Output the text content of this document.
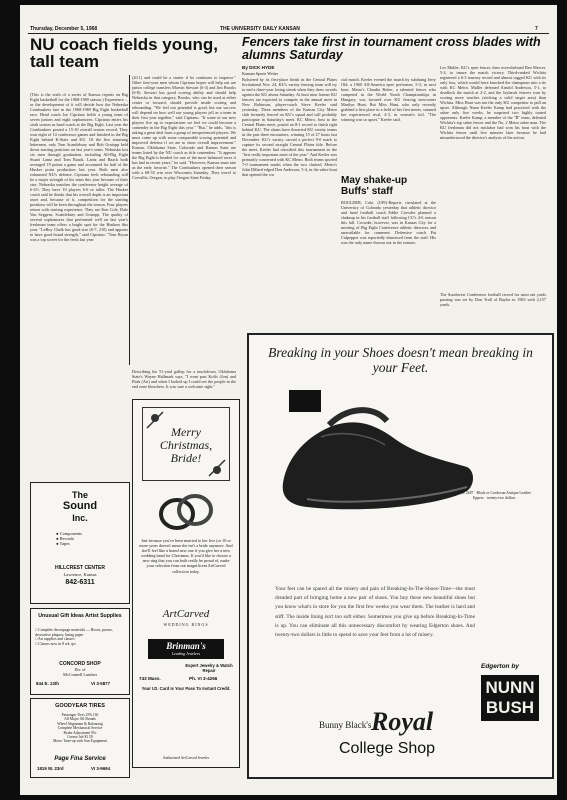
Thursday, December 5, 1968	THE UNIVERSITY DAILY KANSAN	7
NU coach fields young, tall team
(This is the sixth of a series of Kansas reports on Big Eight basketball for the 1968-1969 season.) Experience ... or the development of it will decide how the Nebraska Cornhuskers fare in the 1968-1969 Big Eight basketball race. Head coach Joe Cipriano fields a young team of seven juniors and eight sophomores. Cipriano enters his sixth season as head coach at the Big Eight. Last year the Cornhuskers posted a 15-10 overall season record. They won eight of 14 conference games and finished in the Big Eight behind K-State and KU. Of the five returning lettermen, only Tom Scantlebury and Bob Gratopp held down starting positions on last year's team. Nebraska lost six men through graduation, including All-Big Eight Stuart Lantz and Tom Baack. Lantz and Baack both averaged 19 points a game and accounted for half of the Husker point production last year. Both men also exhausted NU's defense. Cipriano feels rebounding will be a major strength of his team this year because of their size. Nebraska matches the conference height average of 6-4½. They have 10 players 6-6 or taller. The Husker coach said he thinks that his overall depth is an important asset and, because of it, competition for the starting positions will be keen throughout the season. Four players return with starting experience. They are Ken Cole, Dale Van Seggern, Scantlebury and Gratopp. The quality of several sophomores that performed well on last year's freshman team offers a bright spot for the Huskers this year. "LeRoy Chalk has good size (6-7, 210) and appears to have good board strength," said Cipriano. "Tom Bryan was a top scorer for the fresh last year
(20.1) and could be a starter if he continues to improve." Other first-year men whom Cipriano hopes will help out are junior college transfers Marvin Stewart (6-3) and Jim Brooks (6-8). Stewart has good scoring ability and should help Nebraska in that category. Brooks, who can be used at either center or forward, should provide inside scoring and rebounding. "We feel our potential is good, but our success will depend on how well our young players jell as a team in their first year together," said Cipriano. "If some of our new players live up to expectations we feel we could become a contender in the Big Eight this year." "But," he adds, "this is asking a great deal from a group of inexperienced players. We must come up with some comparable scoring potential and improved defense if we are to show overall improvement." Kansas, Oklahoma State, Colorado and Kansas State are teams listed by the NU coach as title contenders. "It appears the Big Eight is headed for one of the most balanced races it has had in recent years," he said. "However, Kansas must rate as the early favorite." The Cornhuskers opened their season with a 68-55 win over Wisconsin Saturday. They travel to Corvallis, Oregon, to play Oregon State Friday.
Describing his 51-yard gallop for a touchdown, Oklahoma State's Wayne Hallmark says, "I went past Koffs (Jon) and Pitsk (Art) and when I looked up I could see the people in the end zone bleachers. It was sure a welcome sight."
Fencers take first in tournament cross blades with alumns Saturday
By DICK HYDE
Kansan Sports Writer
Bolstered by its first-place finish in the Central Plains Invitational Nov. 24, KU's varsity fencing team will try to end a three-year losing streak when they draw swords against the KU alums Saturday. At least nine former KU fencers are expected to compete in the annual meet in New Robinson, player-coach Steve Keeler said yesterday. Three members of the Kansas City Metro club formerly fenced on KU's squad and will probably participate in Saturday's meet. KC Metro, host to the Central Plains meet, posted an 8-1 record to finish right behind KU. The alums have thwarted KU varsity teams in the past three encounters, winning 15 of 27 bouts last December. KU's varsity carved a perfect 9-0 mark to capture its second straight Central Plains title. Before the meet, Keeler had classified this tournament as the "first really important meet of the year." And Keeler was primarily concerned with KC Metro. Both teams sported 7-0 tournament marks when the two clashed. Metro's John Dillard edged Don Anderson, 5-4, in the sabre bout that opened the cru
cial match. Keeler evened the match by subduing Jerry Old, a 1960 All-America epee performer, 5-3, in next bout. Metro's Claudia Reiter, a talented fencer who competed in the World Youth Championships in Hungary, was favored over KU fencing newcomer Marilyn Hunt. But Miss Hunt, who only recently grabbed a first place in a field of her first meets, stunned her experienced rival, 4-3, in women's foil. "The winning was so upset," Keeler said.
May shake-up Buffs' staff
BOULDER, Colo. (UPI)-Reports circulated at the University of Colorado yesterday that athletic director and head football coach Eddie Crowder planned a shakeup in his football staff following CU's 4-6 season this fall. Crowder, however, was in Kansas City for a meeting of Big Eight Conference athletic directors and unavailable for comment. Defensive coach Pat Culpepper was reportedly dismissed from the staff. His was the only name thrown out in the rumors.
Les Muller, KU's epee fencer, then overwhelmed Ben Mercer, 5-2, to insure the match victory. Third-ranked Wichita registered a 6-3 tourney record and almost tagged KU with its only loss, which would have knocked the champions into a tie with KC Metro. Muller defeated Arnold Anderson, 5-1, to deadlock the match at 2-2, and the Jayhawk fencers won by scoring more touches (sticking a solid target area) than Wichita. Miss Hunt was not the only KU competitor to pull an upset. Although Nunn Keeler Kamp had practiced with the sabre only five weeks, he surprised two highly touted opponents. Keeler Kamp, a member of the "B" team, defeated Wichita's top sabre fencer and the No. 2 Metro sabre man. The KU freshman did not mislabor bad won his bout with the Wichita fencer until five minutes later because he had misunderstood the director's analysis of the action.
The Southwest Conference football record for most net yards passing was set by Don Trull of Baylor in 1963 with 2,157 yards.
The
Sound
Inc.
● Components
● Records
● Tapes
HILLCREST CENTER
Lawrence, Kansas
842-6311
Unusual Gift Ideas Artist Supplies
□ Complete decoupage materials — Boxes, purses, decorative plaques, lining paper
□ Art supplies and classes
□ Classes now in 8 wk. ips
CONCORD SHOP
Div. of
McConnell Lumber
844 E. 13th	VI 3-5877
GOODYEAR TIRES
Passenger Tires 25% Off
All Major Oil Brands
Wheel Alignment & Balancing
Complete Mechanical Service
Brake Adjustment 95c
Grease Job $1.50
Motor Tune-up with Sun Equipment
Page Fina Service
1819 W. 23rd	VI 3-9694
Merry Christmas, Bride!
Just because you've been married to her five (or 10 or more years doesn't mean she isn't a bride anymore. And she'll feel like a brand new one if you give her a new wedding band for Christmas. If you'd like to choose a new ring that you can both really be proud of, make your selection from our magnificent ArtCarved collection today.
ArtCarved
WEDDING RINGS
Brinman's
Leading Jewelers
Expert Jewelry & Watch Repair
743 Mass.	Ph. VI 3-4266
Your I.D. Card Is Your Pass To Instant Credit.
Authorized ArtCarved Jeweler
Breaking in your Shoes doesn't mean breaking in your Feet.
Style 2487 · Black or Cordovan Antique Leather Uppers · twenty-two dollars
Your feet can be spared all the misery and pain of Breaking-In-The-Shoes-Time—the most dreaded part of bringing home a new pair of shoes. You buy these new beautiful shoes but you know what's in store for you the first few weeks you wear them. The leather is hard and stiff. The inside lining isn't too soft either. Sometimes you give up before Breaking-In-Time is up. You can eliminate all this unnecessary discomfort by wearing Edgerton shoes. And twenty-two dollars is little to spend to save your feet from a lot of misery.
Edgerton by
NUNN
BUSH
Bunny Black's Royal
College Shop
